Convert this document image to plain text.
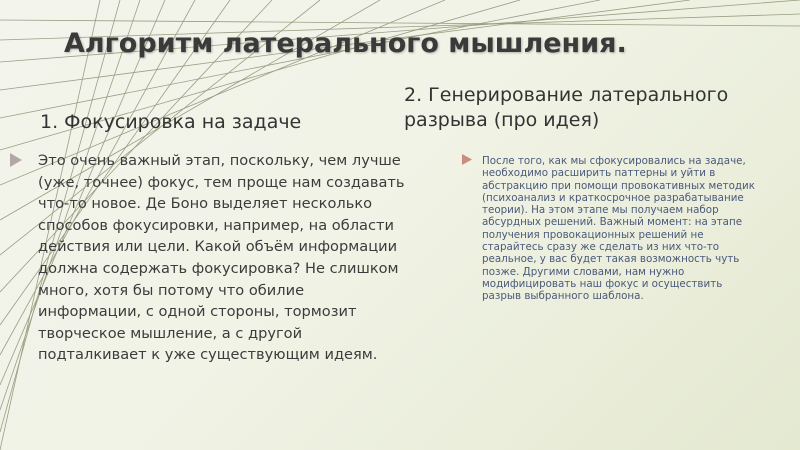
Алгоритм латерального мышления.
1. Фокусировка на задаче
2. Генерирование латерального разрыва (про идея)
Это очень важный этап, поскольку, чем лучше (уже, точнее) фокус, тем проще нам создавать что-то новое. Де Боно выделяет несколько способов фокусировки, например, на области действия или цели. Какой объём информации должна содержать фокусировка? Не слишком много, хотя бы потому что обилие информации, с одной стороны, тормозит творческое мышление, а с другой подталкивает к уже существующим идеям.
После того, как мы сфокусировались на задаче, необходимо расширить паттерны и уйти в абстракцию при помощи провокативных методик (психоанализ и краткосрочное разрабатывание теории). На этом этапе мы получаем набор абсурдных решений. Важный момент: на этапе получения провокационных решений не старайтесь сразу же сделать из них что-то реальное, у вас будет такая возможность чуть позже. Другими словами, нам нужно модифицировать наш фокус и осуществить разрыв выбранного шаблона.
